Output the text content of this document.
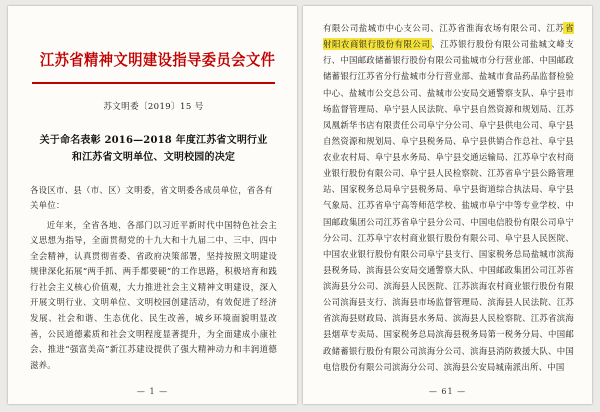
江苏省精神文明建设指导委员会文件
苏文明委〔2019〕15 号
关于命名表彰 2016—2018 年度江苏省文明行业
和江苏省文明单位、文明校园的决定
各设区市、县（市、区）文明委，省文明委各成员单位，省各有关单位：
近年来，全省各地、各部门以习近平新时代中国特色社会主义思想为指导，全面贯彻党的十九大和十九届二中、三中、四中全会精神，认真贯彻省委、省政府决策部署，坚持按照文明建设规律深化拓展“两手抓、两手都要硬”的工作思路，积极培育和践行社会主义核心价值观，大力推进社会主义精神文明建设，深入开展文明行业、文明单位、文明校园创建活动，有效促进了经济发展、社会和谐、生态优化、民生改善，城乡环境面貌明显改善，公民道德素质和社会文明程度显著提升，为全面建成小康社会、推进“强富美高”新江苏建设提供了强大精神动力和丰润道德滋养。
— 1 —

有限公司盐城市中心支公司、江苏省淮海农场有限公司、江苏省射阳农商银行股份有限公司、江苏银行股份有限公司盐城文峰支行、中国邮政储蓄银行股份有限公司盐城市分行营业部、中国邮政储蓄银行江苏省分行盐城市分行营业部、盐城市食品药品监督检验中心、盐城市公交总公司、盐城市公安局交通警察支队、阜宁县市场监督管理局、阜宁县人民法院、阜宁县自然资源和规划局、江苏凤凰新华书店有限责任公司阜宁分公司、阜宁县供电公司、阜宁县自然资源和规划局、阜宁县税务局、阜宁县供销合作总社、阜宁县农业农村局、阜宁县水务局、阜宁县交通运输局、江苏阜宁农村商业银行股份有限公司、阜宁县人民检察院、江苏省阜宁县公路管理站、国家税务总局阜宁县税务局、阜宁县街道综合执法局、阜宁县气象局、江苏省阜宁高等师范学校、盐城市阜宁中等专业学校、中国邮政集团公司江苏省阜宁县分公司、中国电信股份有限公司阜宁分公司、江苏阜宁农村商业银行股份有限公司、阜宁县人民医院、中国农业银行股份有限公司阜宁县支行、国家税务总局盐城市滨海县税务局、滨海县公安局交通警察大队、中国邮政集团公司江苏省滨海县分公司、滨海县人民医院、江苏滨海农村商业银行股份有限公司滨海县支行、滨海县市场监督管理局、滨海县人民法院、江苏省滨海县财政局、滨海县水务局、滨海县人民检察院、江苏省滨海县烟草专卖局、国家税务总局滨海县税务局第一税务分局、中国邮政储蓄银行股份有限公司滨海分公司、滨海县消防救援大队、中国电信股份有限公司滨海分公司、滨海县公安局城南派出所、中国

— 61 —
